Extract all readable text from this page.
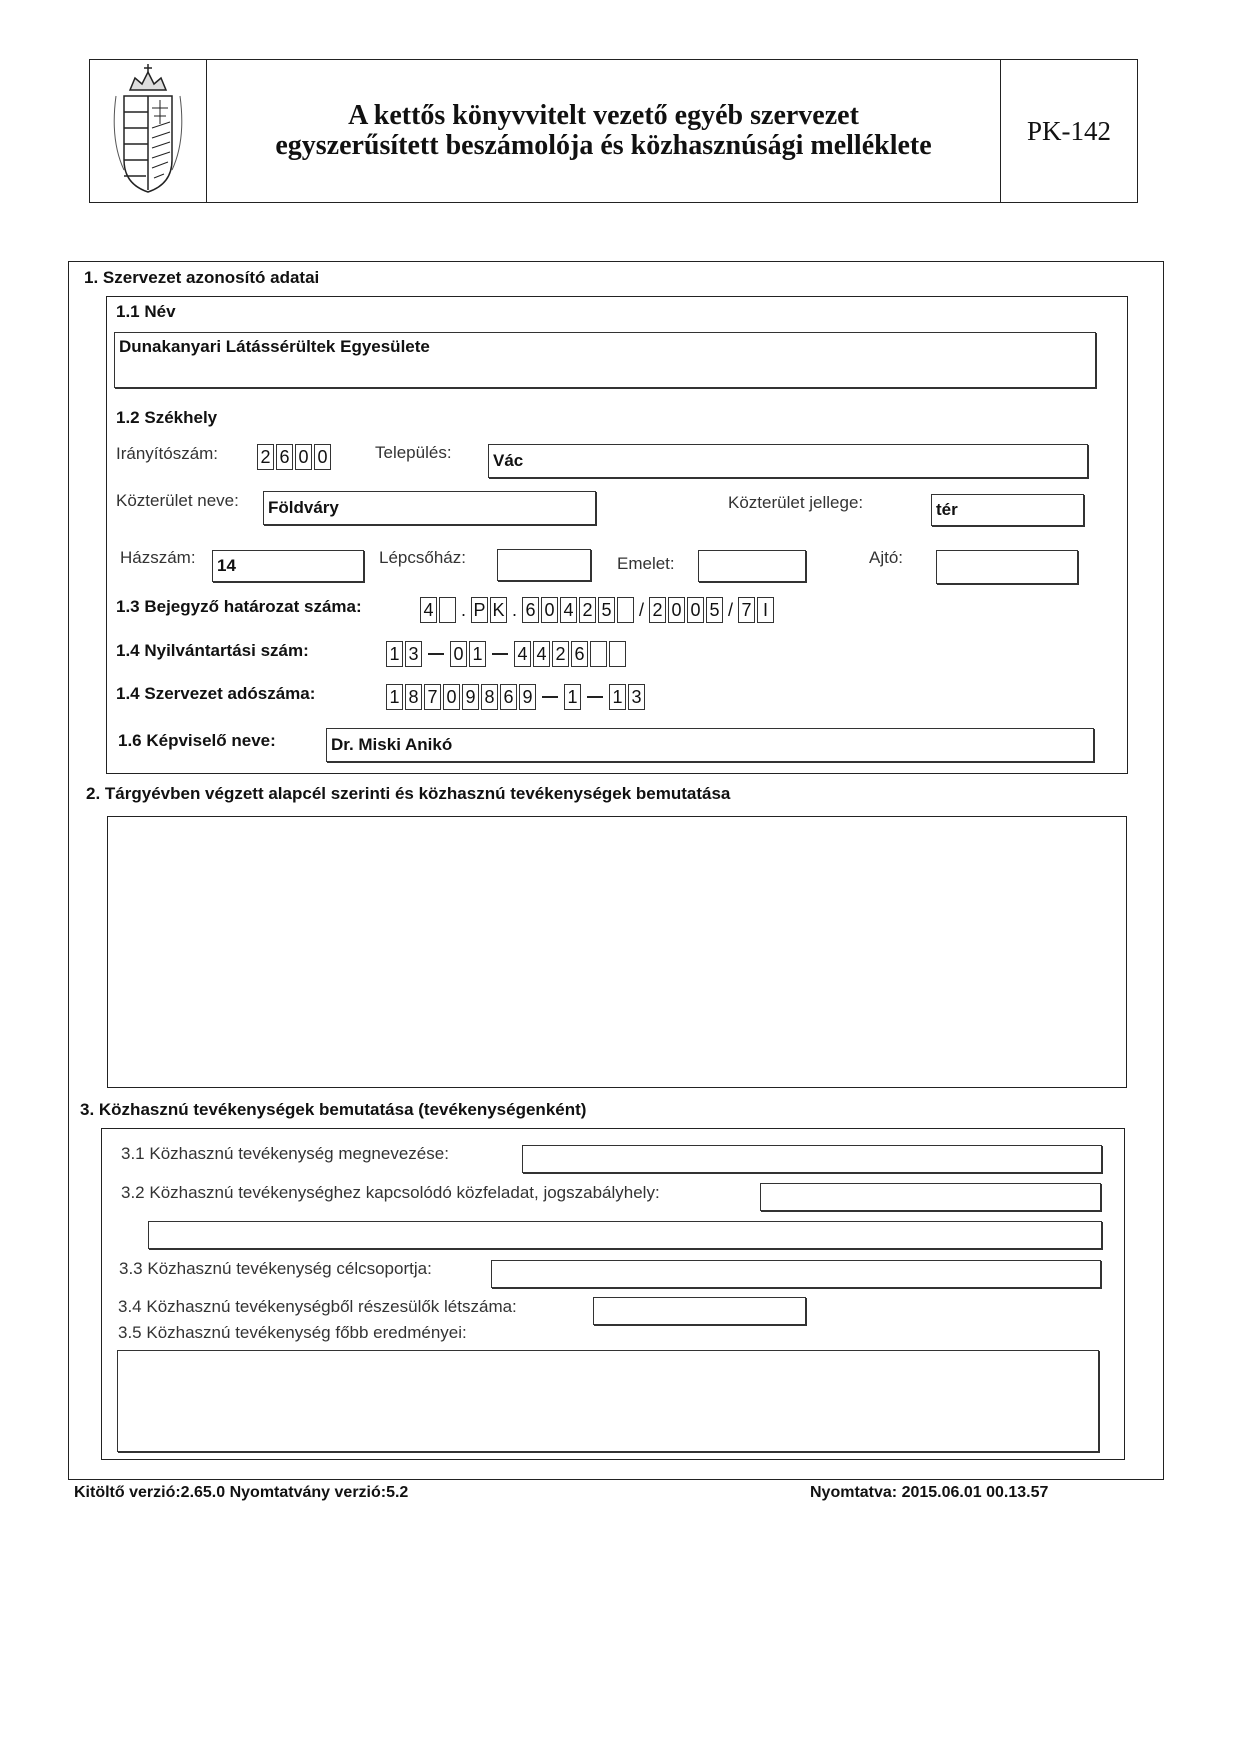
A kettős könyvvitelt vezető egyéb szervezet
egyszerűsített beszámolója és közhasznúsági melléklete	PK-142
1. Szervezet azonosító adatai
1.1 Név
Dunakanyari Látássérültek Egyesülete
1.2 Székhely
Irányítószám: 2 6 0 0	Település: Vác
Közterület neve: Földváry	Közterület jellege:	tér
Házszám: 14	Lépcsőház:	Emelet:	Ajtó:
1.3 Bejegyző határozat száma:	4 . P K . 6 0 4 2 5 / 2 0 0 5 / 7 I
1.4 Nyilvántartási szám:	1 3 0 1 4 4 2 6
1.4 Szervezet adószáma:	1 8 7 0 9 8 6 9 1 1 3
1.6 Képviselő neve:	Dr. Miski Anikó
2. Tárgyévben végzett alapcél szerinti és közhasznú tevékenységek bemutatása
3. Közhasznú tevékenységek bemutatása (tevékenységenként)
3.1 Közhasznú tevékenység megnevezése:
3.2 Közhasznú tevékenységhez kapcsolódó közfeladat, jogszabályhely:
3.3 Közhasznú tevékenység célcsoportja:
3.4 Közhasznú tevékenységből részesülők létszáma:
3.5 Közhasznú tevékenység főbb eredményei:
Kitöltő verzió:2.65.0 Nyomtatvány verzió:5.2	Nyomtatva: 2015.06.01 00.13.57
